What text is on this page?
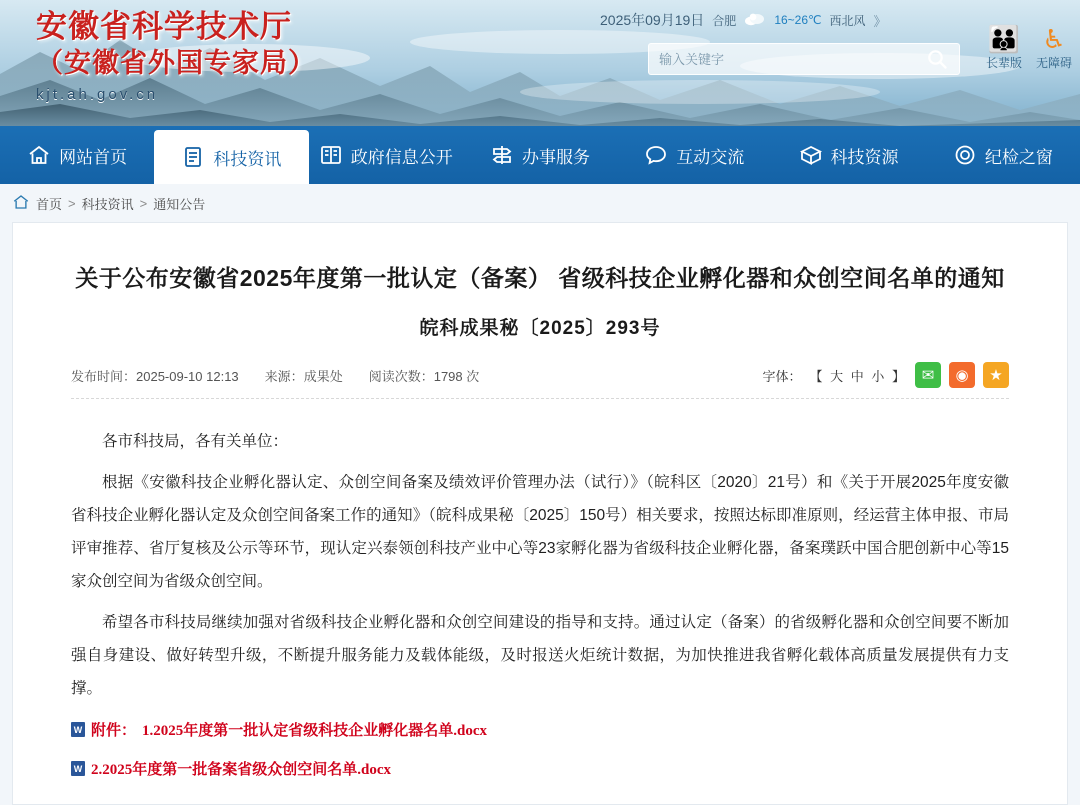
安徽省科学技术厅
（安徽省外国专家局）
kjt.ah.gov.cn
2025年09月19日 合肥	16~26℃ 西北风 》
输入关键字
👪
长辈版
♿
无障碍
网站首页	科技资讯	政府信息公开	办事服务	互动交流	科技资源	纪检之窗
首页 > 科技资讯 > 通知公告
关于公布安徽省2025年度第一批认定（备案） 省级科技企业孵化器和众创空间名单的通知
皖科成果秘〔2025〕293号
发布时间：2025-09-10 12:13 来源：成果处 阅读次数：1798 次	字体： 【 大 中 小 】 ✉	◉	★

各市科技局，各有关单位：

根据《安徽科技企业孵化器认定、众创空间备案及绩效评价管理办法（试行）》（皖科区〔2020〕21号）和《关于开展2025年度安徽省科技企业孵化器认定及众创空间备案工作的通知》（皖科成果秘〔2025〕150号）相关要求，按照达标即准原则，经运营主体申报、市局评审推荐、省厅复核及公示等环节，现认定兴泰领创科技产业中心等23家孵化器为省级科技企业孵化器，备案璞跃中国合肥创新中心等15家众创空间为省级众创空间。

希望各市科技局继续加强对省级科技企业孵化器和众创空间建设的指导和支持。通过认定（备案）的省级孵化器和众创空间要不断加强自身建设、做好转型升级，不断提升服务能力及载体能级，及时报送火炬统计数据，为加快推进我省孵化载体高质量发展提供有力支撑。

W 附件： 1.2025年度第一批认定省级科技企业孵化器名单.docx
W 2.2025年度第一批备案省级众创空间名单.docx
